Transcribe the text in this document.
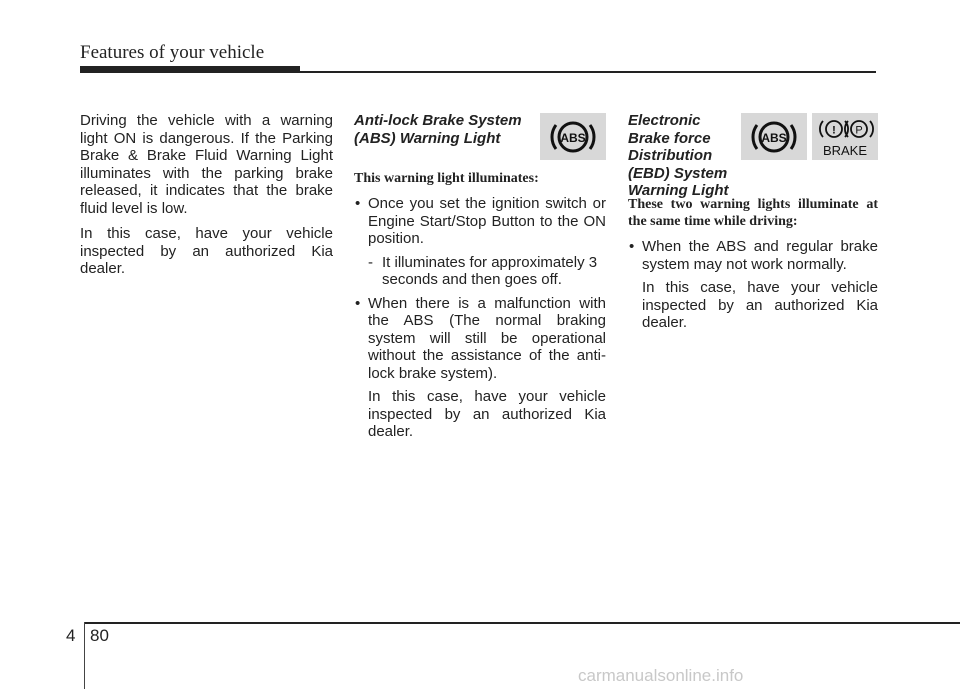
Features of your vehicle

Driving the vehicle with a warning light ON is dangerous. If the Parking Brake & Brake Fluid Warning Light illuminates with the parking brake released, it indicates that the brake fluid level is low.

In this case, have your vehicle inspected by an authorized Kia dealer.

Anti-lock Brake System
(ABS) Warning Light

This warning light illuminates:

• Once you set the ignition switch or Engine Start/Stop Button to the ON position.
- It illuminates for approximately 3 seconds and then goes off.
• When there is a malfunction with the ABS (The normal braking system will still be operational without the assistance of the anti-lock brake system).
In this case, have your vehicle inspected by an authorized Kia dealer.
ABS
Electronic
Brake force
Distribution
(EBD) System
Warning Light

These two warning lights illuminate at the same time while driving:

• When the ABS and regular brake system may not work normally.
In this case, have your vehicle inspected by an authorized Kia dealer.
ABS
! P
BRAKE
4 80
carmanualsonline.info
